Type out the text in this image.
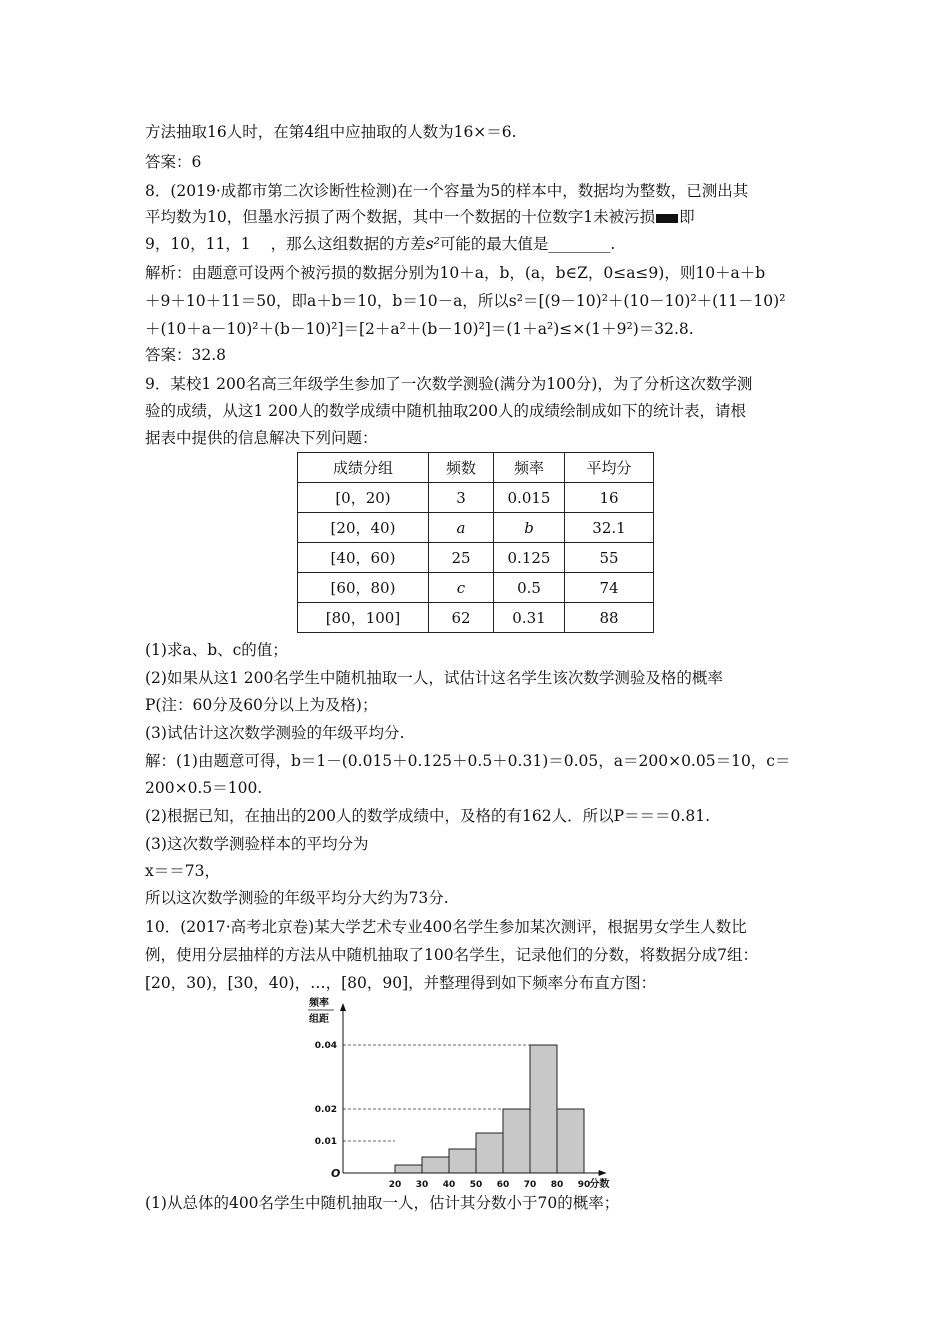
方法抽取16人时，在第4组中应抽取的人数为16×＝6.
答案：6
8．(2019·成都市第二次诊断性检测)在一个容量为5的样本中，数据均为整数，已测出其
平均数为10，但墨水污损了两个数据，其中一个数据的十位数字1未被污损 即
9，10，11，1 ，那么这组数据的方差s²可能的最大值是________.
解析：由题意可设两个被污损的数据分别为10＋a，b，(a，b∈Z，0≤a≤9)，则10＋a＋b
＋9＋10＋11＝50，即a＋b＝10，b＝10－a，所以s²＝[(9－10)²＋(10－10)²＋(11－10)²
＋(10＋a－10)²＋(b－10)²]＝[2＋a²＋(b－10)²]＝(1＋a²)≤×(1＋9²)＝32.8.
答案：32.8
9．某校1 200名高三年级学生参加了一次数学测验(满分为100分)，为了分析这次数学测
验的成绩，从这1 200人的数学成绩中随机抽取200人的成绩绘制成如下的统计表，请根
据表中提供的信息解决下列问题：
成绩分组	频数	频率	平均分
[0，20)	3	0.015	16
[20，40)	a	b	32.1
[40，60)	25	0.125	55
[60，80)	c	0.5	74
[80，100]	62	0.31	88
(1)求a、b、c的值；
(2)如果从这1 200名学生中随机抽取一人，试估计这名学生该次数学测验及格的概率
P(注：60分及60分以上为及格)；
(3)试估计这次数学测验的年级平均分.
解：(1)由题意可得，b＝1－(0.015＋0.125＋0.5＋0.31)＝0.05，a＝200×0.05＝10，c＝
200×0.5＝100.
(2)根据已知，在抽出的200人的数学成绩中，及格的有162人．所以P＝＝＝0.81.
(3)这次数学测验样本的平均分为
x＝＝73，
所以这次数学测验的年级平均分大约为73分.
10．(2017·高考北京卷)某大学艺术专业400名学生参加某次测评，根据男女学生人数比
例，使用分层抽样的方法从中随机抽取了100名学生，记录他们的分数，将数据分成7组：
[20，30)，[30，40)，…，[80，90]，并整理得到如下频率分布直方图：
0.01
0.02
0.04
20 30 40 50 60 70 80 90
频率
组距
分数
O
(1)从总体的400名学生中随机抽取一人，估计其分数小于70的概率；
